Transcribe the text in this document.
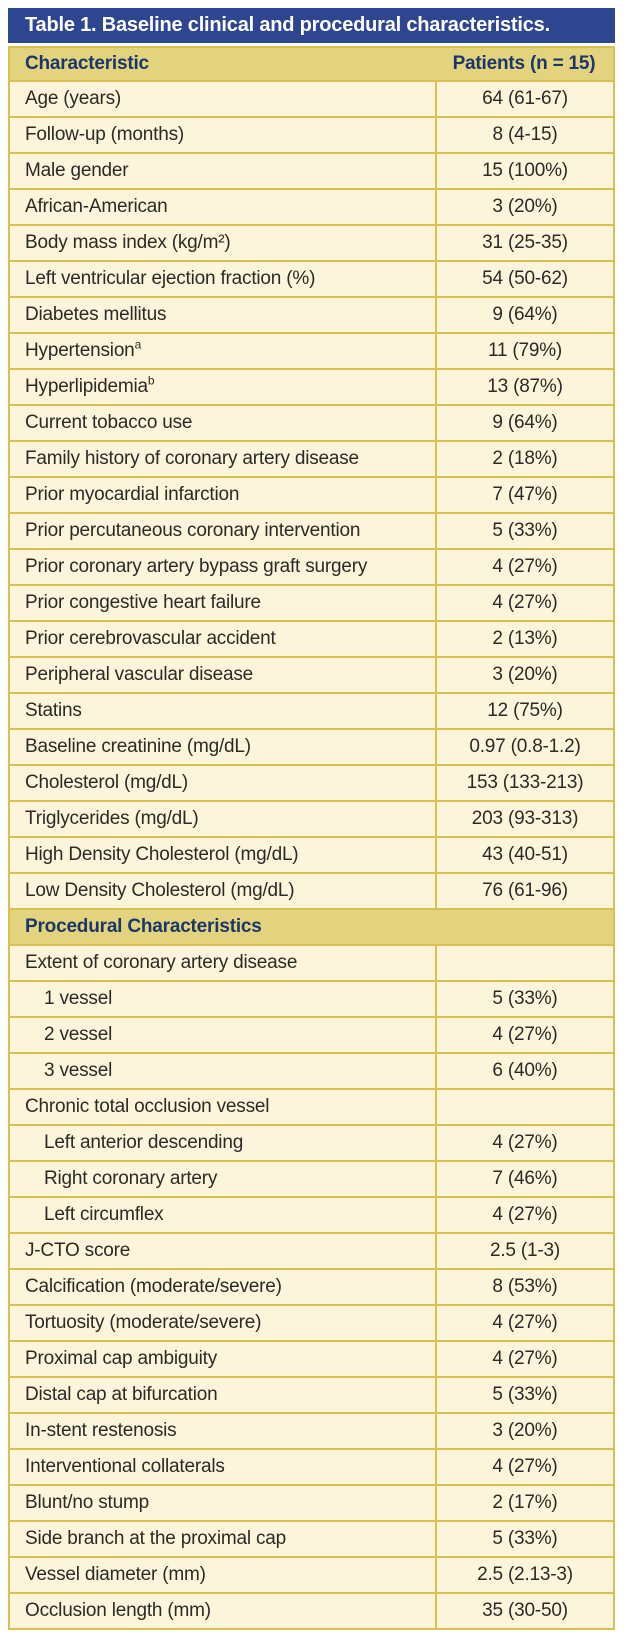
Table 1. Baseline clinical and procedural characteristics.
Characteristic	Patients (n = 15)
Age (years)	64 (61-67)
Follow-up (months)	8 (4-15)
Male gender	15 (100%)
African-American	3 (20%)
Body mass index (kg/m²)	31 (25-35)
Left ventricular ejection fraction (%)	54 (50-62)
Diabetes mellitus	9 (64%)
Hypertension$^a$	11 (79%)
Hyperlipidemia$^b$	13 (87%)
Current tobacco use	9 (64%)
Family history of coronary artery disease	2 (18%)
Prior myocardial infarction	7 (47%)
Prior percutaneous coronary intervention	5 (33%)
Prior coronary artery bypass graft surgery	4 (27%)
Prior congestive heart failure	4 (27%)
Prior cerebrovascular accident	2 (13%)
Peripheral vascular disease	3 (20%)
Statins	12 (75%)
Baseline creatinine (mg/dL)	0.97 (0.8-1.2)
Cholesterol (mg/dL)	153 (133-213)
Triglycerides (mg/dL)	203 (93-313)
High Density Cholesterol (mg/dL)	43 (40-51)
Low Density Cholesterol (mg/dL)	76 (61-96)
Procedural Characteristics
Extent of coronary artery disease
1 vessel	5 (33%)
2 vessel	4 (27%)
3 vessel	6 (40%)
Chronic total occlusion vessel
Left anterior descending	4 (27%)
Right coronary artery	7 (46%)
Left circumflex	4 (27%)
J-CTO score	2.5 (1-3)
Calcification (moderate/severe)	8 (53%)
Tortuosity (moderate/severe)	4 (27%)
Proximal cap ambiguity	4 (27%)
Distal cap at bifurcation	5 (33%)
In-stent restenosis	3 (20%)
Interventional collaterals	4 (27%)
Blunt/no stump	2 (17%)
Side branch at the proximal cap	5 (33%)
Vessel diameter (mm)	2.5 (2.13-3)
Occlusion length (mm)	35 (30-50)
